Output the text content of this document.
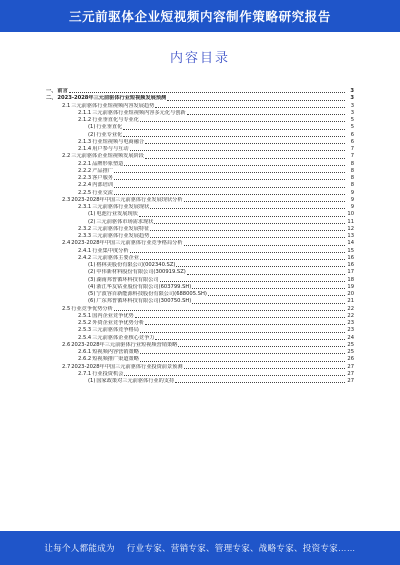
三元前驱体企业短视频内容制作策略研究报告
内容目录
一、 前言	3
二、 2023-2028年三元前驱体行业短视频发展预测	3
2.1 三元前驱体行业短视频内容发展趋势	3
2.1.1 三元前驱体行业短视频内容多元化与创新	3
2.1.2 行业垂直化与专业化	5
(1) 行业垂直化	5
(2) 行业专业化	6
2.1.3 行业短视频与电商融合	6
2.1.4 用户参与与互动	7
2.2 三元前驱体企业短视频发展阶段	7
2.2.1 品牌形象塑造	8
2.2.2 产品推广	8
2.2.3 客户服务	8
2.2.4 内部培训	8
2.2.5 行业交流	9
2.3 2023-2028年中国三元前驱体行业发展现状分析	9
2.3.1 三元前驱体行业发展现状	9
(1) 电池行业发展现状	10
(2) 三元前驱体市场需求现状	11
2.3.2 三元前驱体行业发展特征	12
2.3.3 三元前驱体行业发展趋势	13
2.4 2023-2028年中国三元前驱体行业竞争格局分析	14
2.4.1 行业集中度分析	15
2.4.2 三元前驱体主要企业	16
(1) 格林美股份有限公司(002340.SZ)	16
(2) 中伟新材料股份有限公司(300919.SZ)	17
(3) 湖南邦普循环科技有限公司	18
(4) 浙江华友钴业股份有限公司(603799.SH)	19
(5) 宁波容百新能源科技股份有限公司(688005.SH)	20
(6) 广东邦普循环科技有限公司(300750.SH)	21
2.5 行业竞争优势分析	22
2.5.1 国内企业竞争优势	22
2.5.2 外资企业竞争优势分析	23
2.5.3 三元前驱体竞争格局	23
2.5.4 三元前驱体企业核心竞争力	24
2.6 2023-2028年三元前驱体行业短视频营销策略	25
2.6.1 短视频内容营销策略	25
2.6.2 短视频推广渠道策略	26
2.7 2023-2028年中国三元前驱体行业投资前景预测	27
2.7.1 行业投资机会	27
(1) 国家政策对三元前驱体行业的支持	27
让每个人都能成为 行业专家、营销专家、管理专家、战略专家、投资专家……
